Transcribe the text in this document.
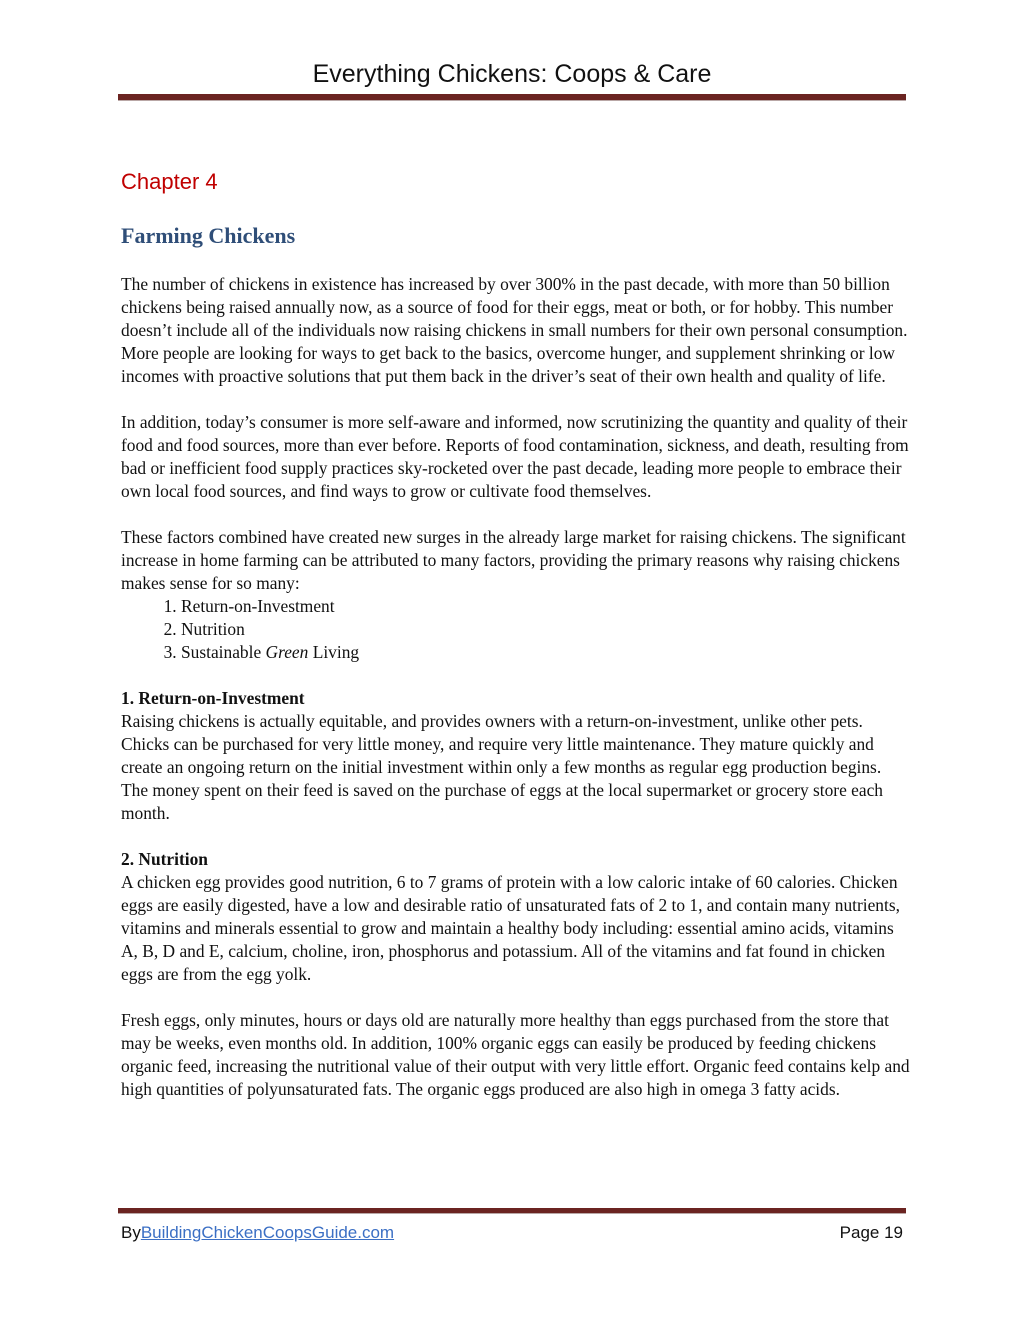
Everything Chickens: Coops & Care
Chapter 4
Farming Chickens

The number of chickens in existence has increased by over 300% in the past decade, with more than 50 billion chickens being raised annually now, as a source of food for their eggs, meat or both, or for hobby. This number doesn’t include all of the individuals now raising chickens in small numbers for their own personal consumption. More people are looking for ways to get back to the basics, overcome hunger, and supplement shrinking or low incomes with proactive solutions that put them back in the driver’s seat of their own health and quality of life.

In addition, today’s consumer is more self-aware and informed, now scrutinizing the quantity and quality of their food and food sources, more than ever before. Reports of food contamination, sickness, and death, resulting from bad or inefficient food supply practices sky-rocketed over the past decade, leading more people to embrace their own local food sources, and find ways to grow or cultivate food themselves.

These factors combined have created new surges in the already large market for raising chickens. The significant increase in home farming can be attributed to many factors, providing the primary reasons why raising chickens makes sense for so many:

1. Return-on-Investment
2. Nutrition
3. Sustainable Green Living

1. Return-on-Investment

Raising chickens is actually equitable, and provides owners with a return-on-investment, unlike other pets. Chicks can be purchased for very little money, and require very little maintenance. They mature quickly and create an ongoing return on the initial investment within only a few months as regular egg production begins. The money spent on their feed is saved on the purchase of eggs at the local supermarket or grocery store each month.

2. Nutrition

A chicken egg provides good nutrition, 6 to 7 grams of protein with a low caloric intake of 60 calories. Chicken eggs are easily digested, have a low and desirable ratio of unsaturated fats of 2 to 1, and contain many nutrients, vitamins and minerals essential to grow and maintain a healthy body including: essential amino acids, vitamins A, B, D and E, calcium, choline, iron, phosphorus and potassium. All of the vitamins and fat found in chicken eggs are from the egg yolk.

Fresh eggs, only minutes, hours or days old are naturally more healthy than eggs purchased from the store that may be weeks, even months old. In addition, 100% organic eggs can easily be produced by feeding chickens organic feed, increasing the nutritional value of their output with very little effort. Organic feed contains kelp and high quantities of polyunsaturated fats. The organic eggs produced are also high in omega 3 fatty acids.

ByBuildingChickenCoopsGuide.com	Page 19
